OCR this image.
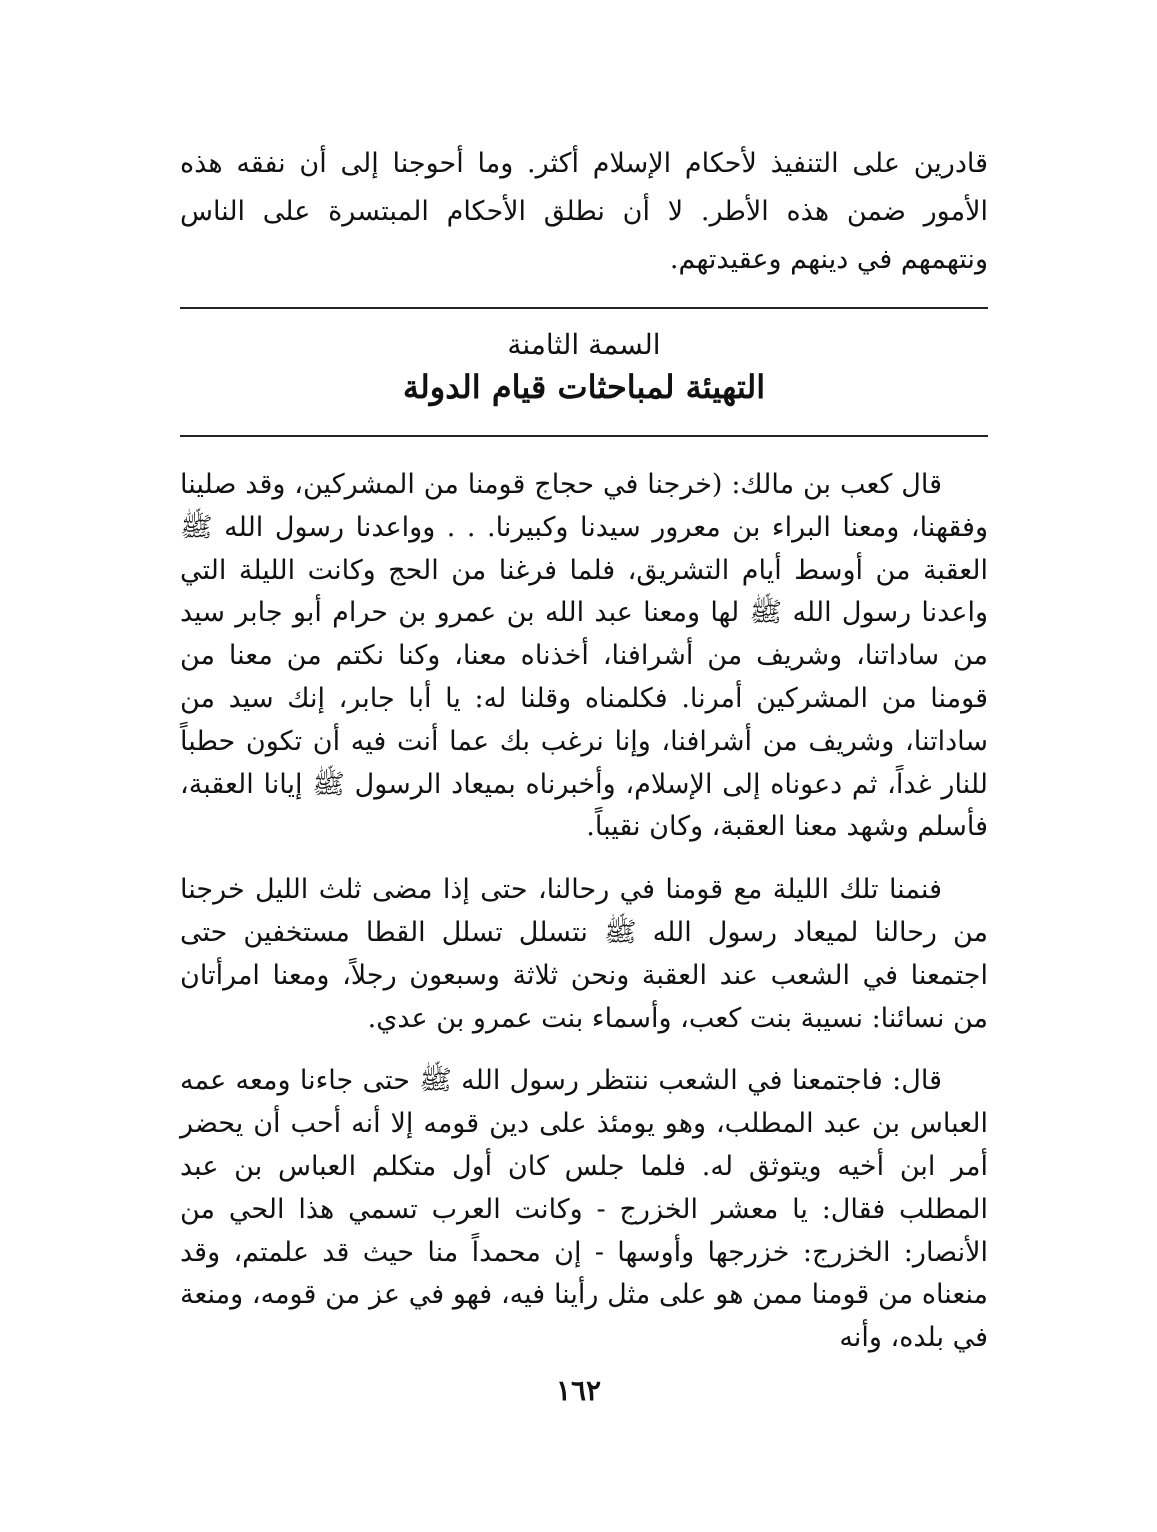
قادرين على التنفيذ لأحكام الإسلام أكثر. وما أحوجنا إلى أن نفقه هذه الأمور ضمن هذه الأطر. لا أن نطلق الأحكام المبتسرة على الناس ونتهمهم في دينهم وعقيدتهم.

السمة الثامنة
التهيئة لمباحثات قيام الدولة

قال كعب بن مالك: (خرجنا في حجاج قومنا من المشركين، وقد صلينا وفقهنا، ومعنا البراء بن معرور سيدنا وكبيرنا. . . وواعدنا رسول الله ﷺ العقبة من أوسط أيام التشريق، فلما فرغنا من الحج وكانت الليلة التي واعدنا رسول الله ﷺ لها ومعنا عبد الله بن عمرو بن حرام أبو جابر سيد من ساداتنا، وشريف من أشرافنا، أخذناه معنا، وكنا نكتم من معنا من قومنا من المشركين أمرنا. فكلمناه وقلنا له: يا أبا جابر، إنك سيد من ساداتنا، وشريف من أشرافنا، وإنا نرغب بك عما أنت فيه أن تكون حطباً للنار غداً، ثم دعوناه إلى الإسلام، وأخبرناه بميعاد الرسول ﷺ إيانا العقبة، فأسلم وشهد معنا العقبة، وكان نقيباً.

فنمنا تلك الليلة مع قومنا في رحالنا، حتى إذا مضى ثلث الليل خرجنا من رحالنا لميعاد رسول الله ﷺ نتسلل تسلل القطا مستخفين حتى اجتمعنا في الشعب عند العقبة ونحن ثلاثة وسبعون رجلاً، ومعنا امرأتان من نسائنا: نسيبة بنت كعب، وأسماء بنت عمرو بن عدي.

قال: فاجتمعنا في الشعب ننتظر رسول الله ﷺ حتى جاءنا ومعه عمه العباس بن عبد المطلب، وهو يومئذ على دين قومه إلا أنه أحب أن يحضر أمر ابن أخيه ويتوثق له. فلما جلس كان أول متكلم العباس بن عبد المطلب فقال: يا معشر الخزرج - وكانت العرب تسمي هذا الحي من الأنصار: الخزرج: خزرجها وأوسها - إن محمداً منا حيث قد علمتم، وقد منعناه من قومنا ممن هو على مثل رأينا فيه، فهو في عز من قومه، ومنعة في بلده، وأنه

١٦٢
